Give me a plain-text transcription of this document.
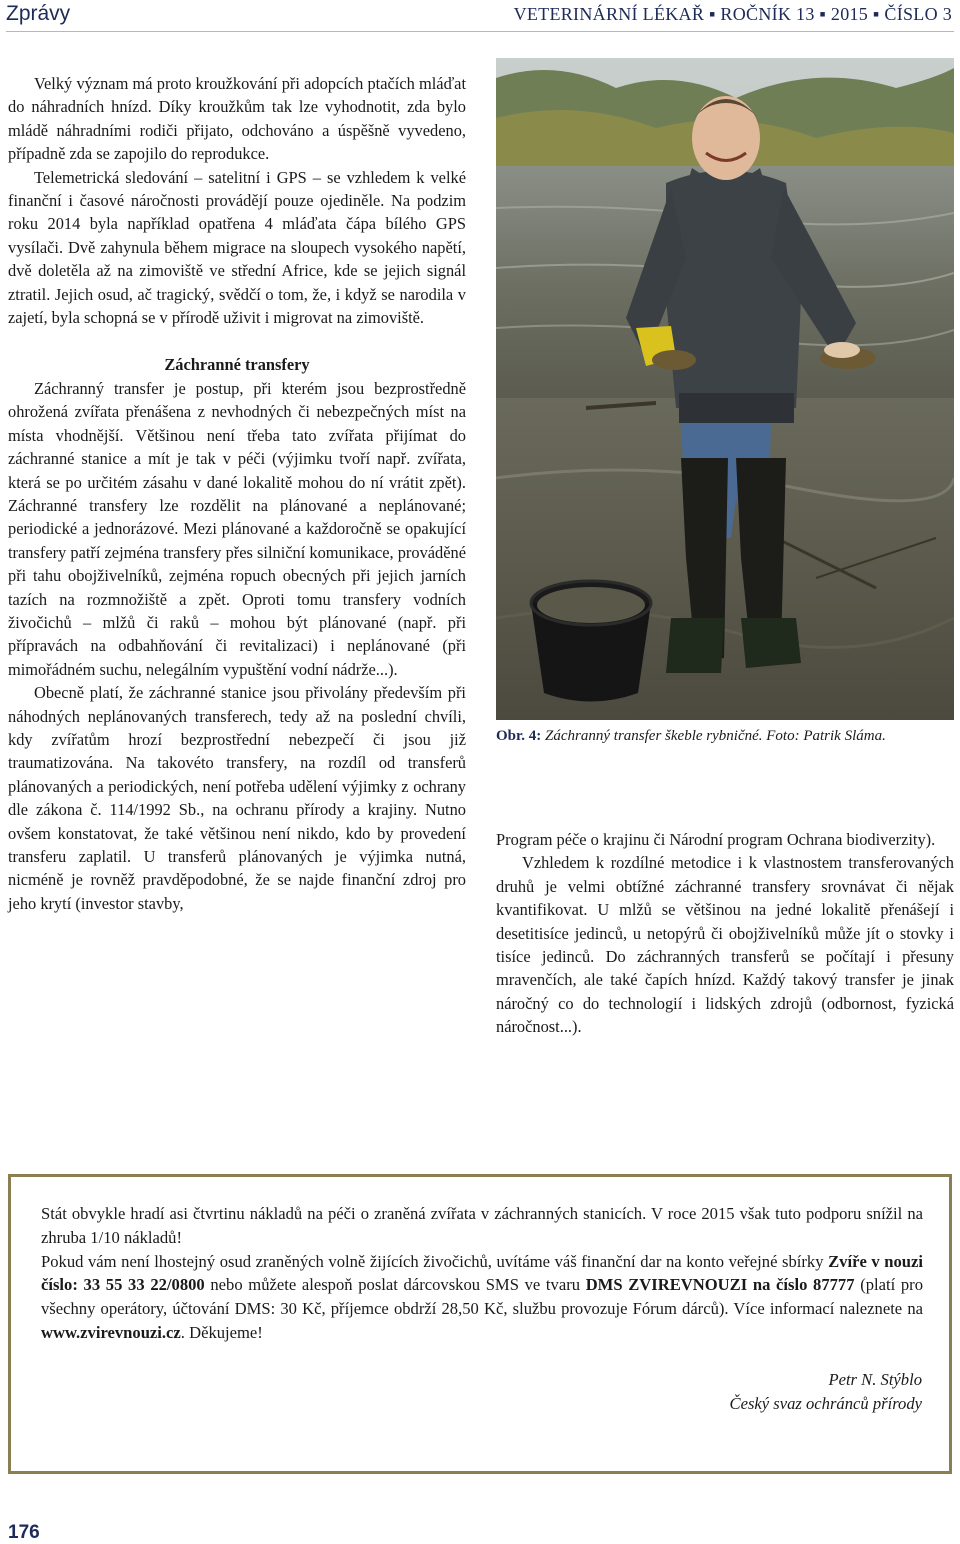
Zprávy	VETERINÁRNÍ LÉKAŘ ▪ ROČNÍK 13 ▪ 2015 ▪ ČÍSLO 3

Velký význam má proto kroužkování při adopcích ptačích mláďat do náhradních hnízd. Díky kroužkům tak lze vyhodnotit, zda bylo mládě náhradními rodiči přijato, odchováno a úspěšně vyvedeno, případně zda se zapojilo do reprodukce.

Telemetrická sledování – satelitní i GPS – se vzhledem k velké finanční i časové náročnosti provádějí pouze ojediněle. Na podzim roku 2014 byla například opatřena 4 mláďata čápa bílého GPS vysílači. Dvě zahynula během migrace na sloupech vysokého napětí, dvě doletěla až na zimoviště ve střední Africe, kde se jejich signál ztratil. Jejich osud, ač tragický, svědčí o tom, že, i když se narodila v zajetí, byla schopná se v přírodě uživit i migrovat na zimoviště.

Záchranné transfery

Záchranný transfer je postup, při kterém jsou bezprostředně ohrožená zvířata přenášena z nevhodných či nebezpečných míst na místa vhodnější. Většinou není třeba tato zvířata přijímat do záchranné stanice a mít je tak v péči (výjimku tvoří např. zvířata, která se po určitém zásahu v dané lokalitě mohou do ní vrátit zpět). Záchranné transfery lze rozdělit na plánované a neplánované; periodické a jednorázové. Mezi plánované a každoročně se opakující transfery patří zejména transfery přes silniční komunikace, prováděné při tahu obojživelníků, zejména ropuch obecných při jejich jarních tazích na rozmnožiště a zpět. Oproti tomu transfery vodních živočichů – mlžů či raků – mohou být plánované (např. při přípravách na odbahňování či revitalizaci) i neplánované (při mimořádném suchu, nelegálním vypuštění vodní nádrže...).

Obecně platí, že záchranné stanice jsou přivolány především při náhodných neplánovaných transferech, tedy až na poslední chvíli, kdy zvířatům hrozí bezprostřední nebezpečí či jsou již traumatizována. Na takovéto transfery, na rozdíl od transferů plánovaných a periodických, není potřeba udělení výjimky z ochrany dle zákona č. 114/1992 Sb., na ochranu přírody a krajiny. Nutno ovšem konstatovat, že také většinou není nikdo, kdo by provedení transferu zaplatil. U transferů plánovaných je výjimka nutná, nicméně je rovněž pravděpodobné, že se najde finanční zdroj pro jeho krytí (investor stavby,

Obr. 4: Záchranný transfer škeble rybničné. Foto: Patrik Sláma.

Program péče o krajinu či Národní program Ochrana biodiverzity).

Vzhledem k rozdílné metodice i k vlastnostem transferovaných druhů je velmi obtížné záchranné transfery srovnávat či nějak kvantifikovat. U mlžů se většinou na jedné lokalitě přenášejí i desetitisíce jedinců, u netopýrů či obojživelníků může jít o stovky i tisíce jedinců. Do záchranných transferů se počítají i přesuny mravenčích, ale také čapích hnízd. Každý takový transfer je jinak náročný co do technologií i lidských zdrojů (odbornost, fyzická náročnost...).

Stát obvykle hradí asi čtvrtinu nákladů na péči o zraněná zvířata v záchranných stanicích. V roce 2015 však tuto podporu snížil na zhruba 1/10 nákladů!

Pokud vám není lhostejný osud zraněných volně žijících živočichů, uvítáme váš finanční dar na konto veřejné sbírky Zvíře v nouzi číslo: 33 55 33 22/0800 nebo můžete alespoň poslat dárcovskou SMS ve tvaru DMS ZVIREVNOUZI na číslo 87777 (platí pro všechny operátory, účtování DMS: 30 Kč, příjemce obdrží 28,50 Kč, službu provozuje Fórum dárců). Více informací naleznete na www.zvirevnouzi.cz. Děkujeme!

Petr N. Stýblo
Český svaz ochránců přírody
176
